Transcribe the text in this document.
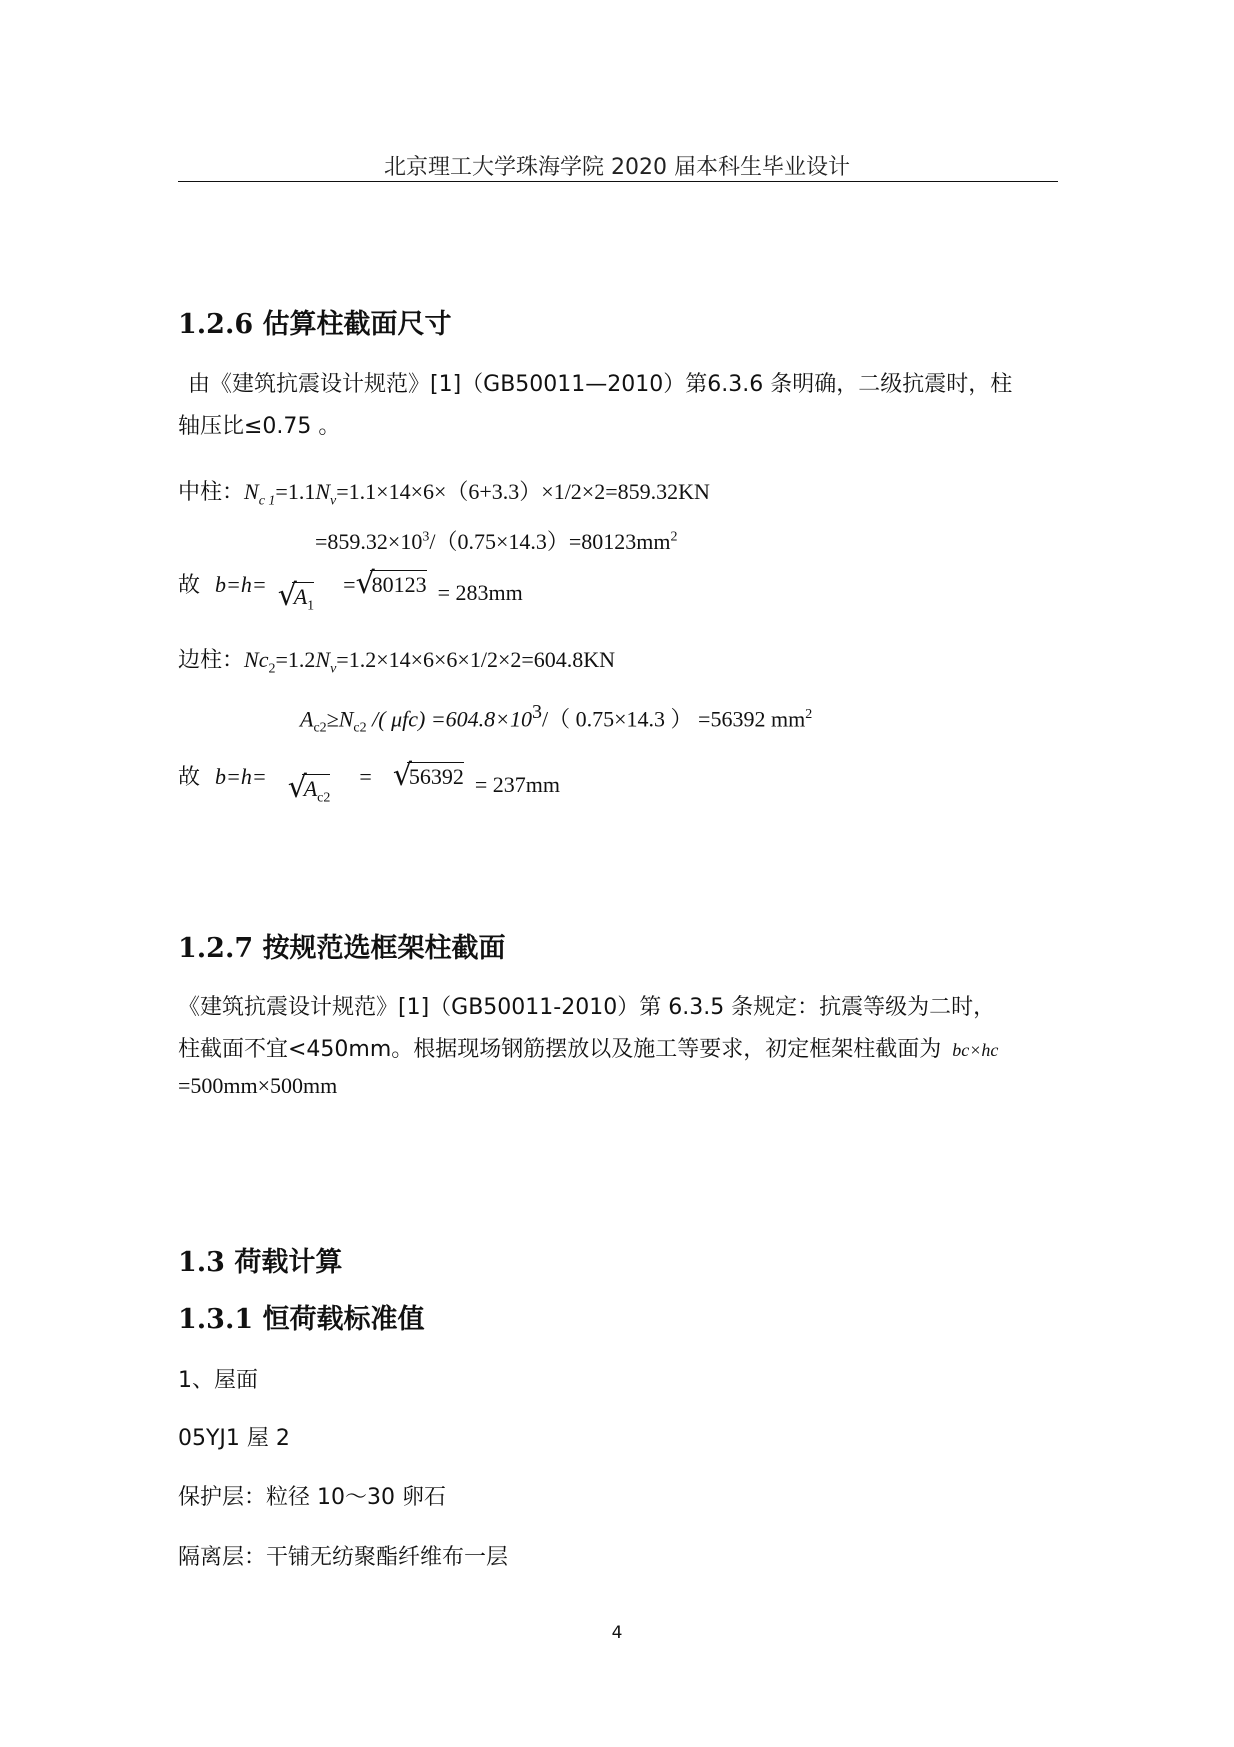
北京理工大学珠海学院 2020 届本科生毕业设计
1.2.6 估算柱截面尺寸
由《建筑抗震设计规范》[1]（GB50011—2010）第6.3.6 条明确，二级抗震时，柱
轴压比≤0.75 。
中柱：$N_{c 1}=1.1N_v=1.1\times 14\times 6\times(6+3.3)\times 1/2\times 2=859.32KN$
$=859.32\times 10^3/(0.75\times 14.3)=80123mm^2$
故 b=h= √
$A_1$ = √
80123 = 283mm
边柱：$Nc_2=1.2N_v=1.2\times 14\times 6\times 6\times 1/2\times 2=604.8KN$
$A_{c2}\ge N_{c2}$ /( $\mu fc) =604.8\times 10^3/$（ 0.75×14.3 ） =56392 $mm^2$
故 b=h= √
$A_{c2}$ = √
56392 = 237mm
1.2.7 按规范选框架柱截面
《建筑抗震设计规范》[1]（GB50011-2010）第 6.3.5 条规定：抗震等级为二时，
柱截面不宜<450mm。根据现场钢筋摆放以及施工等要求，初定框架柱截面为 bc×hc
=500mm×500mm
1.3 荷载计算
1.3.1 恒荷载标准值
1、屋面
05YJ1 屋 2
保护层：粒径 10～30 卵石
隔离层：干铺无纺聚酯纤维布一层
4
